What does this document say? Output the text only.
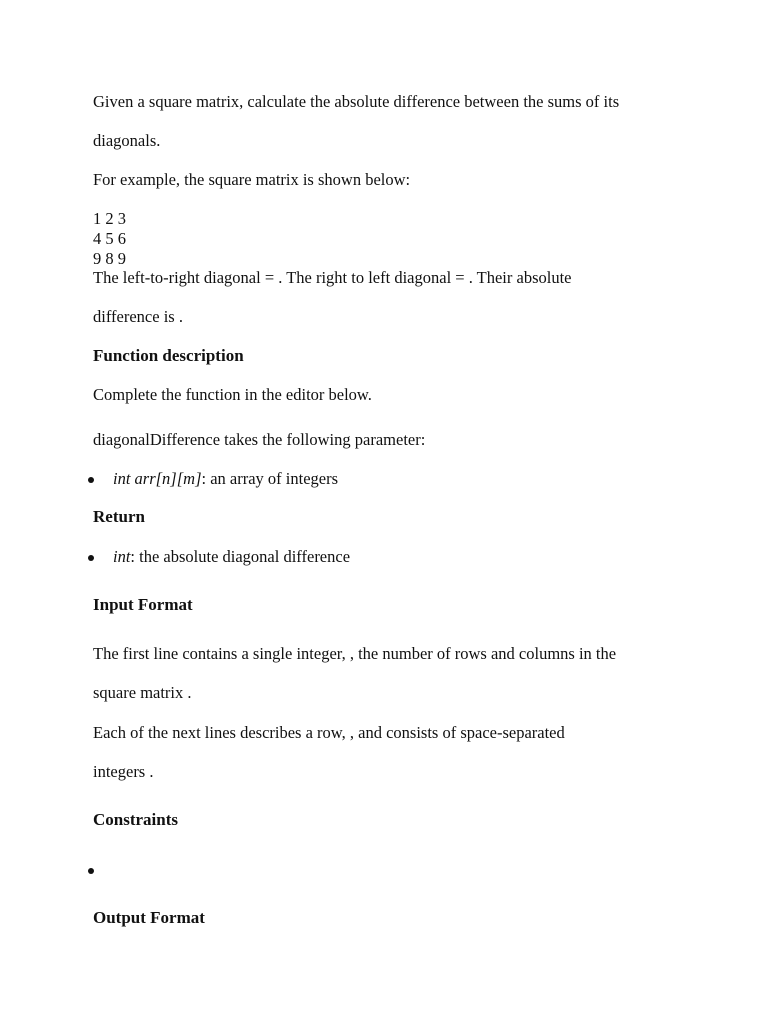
Given a square matrix, calculate the absolute difference between the sums of its
diagonals.
For example, the square matrix is shown below:
1 2 3
4 5 6
9 8 9
The left-to-right diagonal = . The right to left diagonal = . Their absolute
difference is .
Function description
Complete the function in the editor below.
diagonalDifference takes the following parameter:
int arr[n][m]: an array of integers
Return
int: the absolute diagonal difference
Input Format
The first line contains a single integer, , the number of rows and columns in the
square matrix .
Each of the next lines describes a row, , and consists of space-separated
integers .
Constraints
Output Format
